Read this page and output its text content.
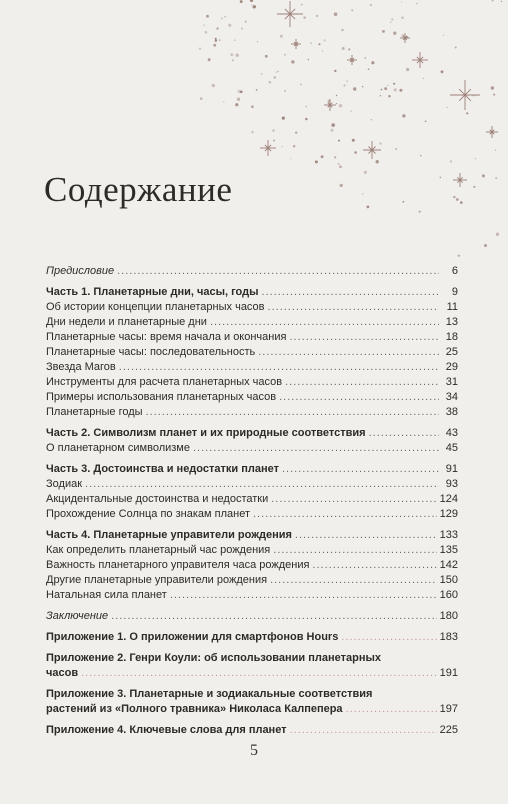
Содержание
Предисловие .....	6
Часть 1. Планетарные дни, часы, годы .....	9
Об истории концепции планетарных часов .....	11
Дни недели и планетарные дни .....	13
Планетарные часы: время начала и окончания .....	18
Планетарные часы: последовательность .....	25
Звезда Магов .....	29
Инструменты для расчета планетарных часов .....	31
Примеры использования планетарных часов .....	34
Планетарные годы .....	38
Часть 2. Символизм планет и их природные соответствия .....	43
О планетарном символизме .....	45
Часть 3. Достоинства и недостатки планет .....	91
Зодиак .....	93
Акцидентальные достоинства и недостатки .....	124
Прохождение Солнца по знакам планет .....	129
Часть 4. Планетарные управители рождения .....	133
Как определить планетарный час рождения .....	135
Важность планетарного управителя часа рождения .....	142
Другие планетарные управители рождения .....	150
Натальная сила планет .....	160
Заключение .....	180
Приложение 1. О приложении для смартфонов Hours .....	183
Приложение 2. Генри Коули: об использовании планетарных
часов .....	191
Приложение 3. Планетарные и зодиакальные соответствия
растений из «Полного травника» Николаса Калпепера .....	197
Приложение 4. Ключевые слова для планет .....	225
5
